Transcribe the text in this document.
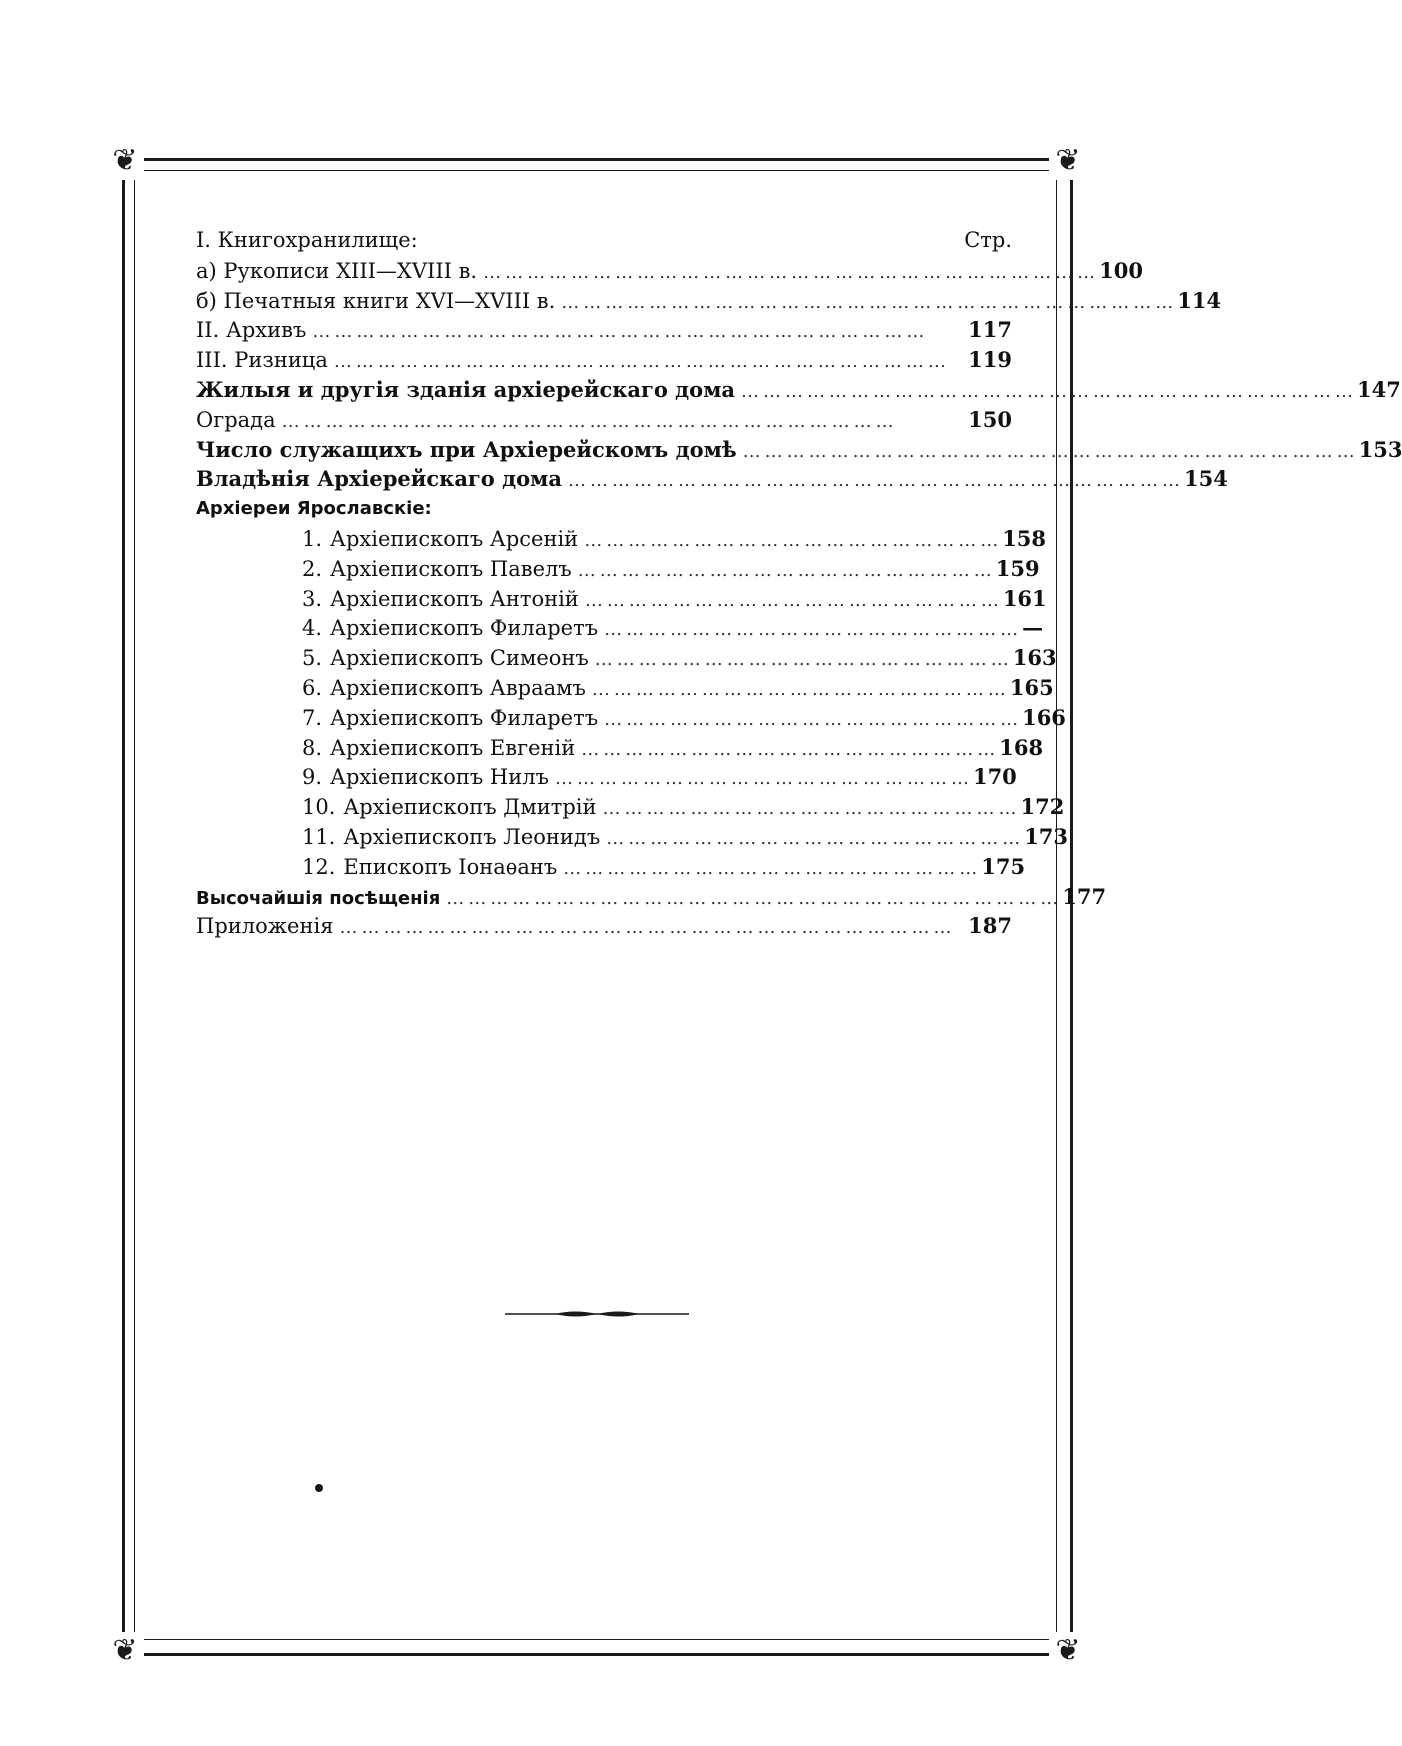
❦	❦
❦	❦
І. Книгохранилище:	Стр.
а) Рукописи ХIII—XVIII в. ………………………………………………………………………… 100
б) Печатныя книги XVI—XVIII в. ………………………………………………………………………… 114
II. Архивъ …………………………………………………………………………	117
III. Ризница ………………………………………………………………………… 119
Жилыя и другія зданія архіерейскаго дома ………………………………………………………………………… 147
Ограда …………………………………………………………………………	150
Число служащихъ при Архіерейскомъ домѣ ………………………………………………………………………… 153
Владѣнія Архіерейскаго дома ………………………………………………………………………… 154
Архіереи Ярославскіе:
1. Архіепископъ Арсеній ………………………………………………… 158
2. Архіепископъ Павелъ ………………………………………………… 159
3. Архіепископъ Антоній ………………………………………………… 161
4. Архіепископъ Филаретъ ………………………………………………… —
5. Архіепископъ Симеонъ ………………………………………………… 163
6. Архіепископъ Авраамъ ………………………………………………… 165
7. Архіепископъ Филаретъ ………………………………………………… 166
8. Архіепископъ Евгеній ………………………………………………… 168
9. Архіепископъ Нилъ ………………………………………………… 170
10. Архіепископъ Дмитрій ………………………………………………… 172
11. Архіепископъ Леонидъ ………………………………………………… 173
12. Епископъ Іонаѳанъ ………………………………………………… 175
Высочайшія посѣщенія ………………………………………………………………………… 177
Приложенія ………………………………………………………………………… 187
